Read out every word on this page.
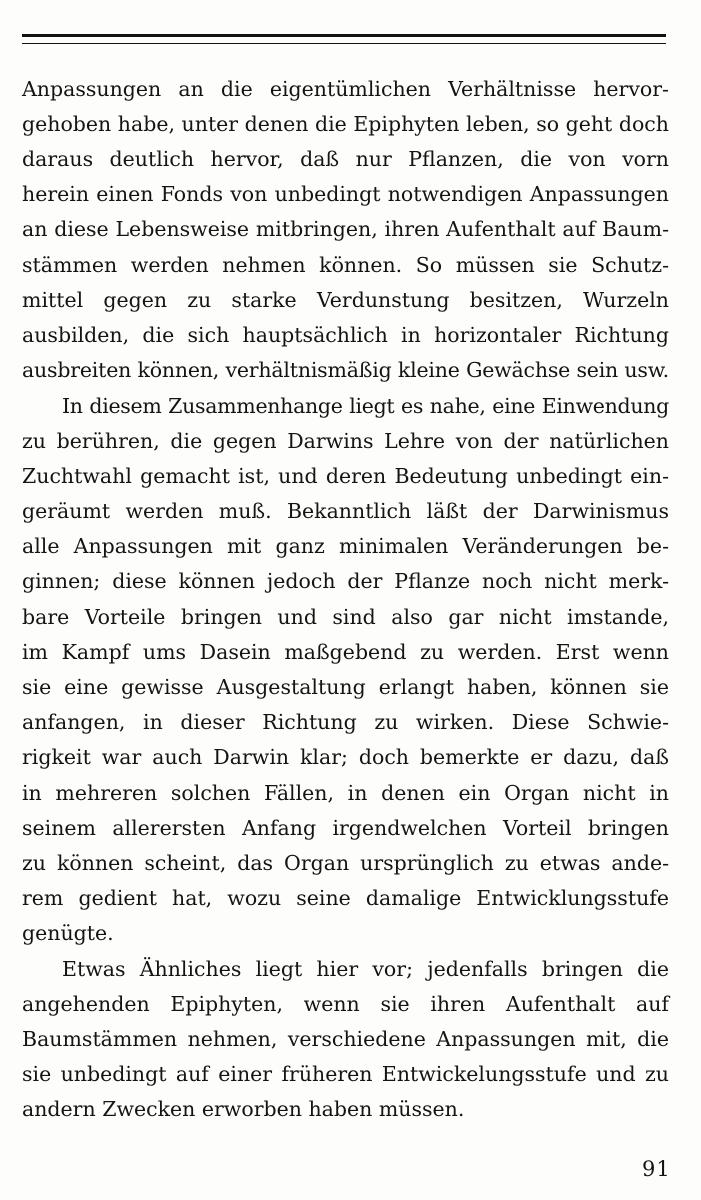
Anpassungen an die eigentümlichen Verhältnisse hervor-
gehoben habe, unter denen die Epiphyten leben, so geht doch
daraus deutlich hervor, daß nur Pflanzen, die von vorn
herein einen Fonds von unbedingt notwendigen Anpassungen
an diese Lebensweise mitbringen, ihren Aufenthalt auf Baum-
stämmen werden nehmen können. So müssen sie Schutz-
mittel gegen zu starke Verdunstung besitzen, Wurzeln
ausbilden, die sich hauptsächlich in horizontaler Richtung
ausbreiten können, verhältnismäßig kleine Gewächse sein usw.
In diesem Zusammenhange liegt es nahe, eine Einwendung
zu berühren, die gegen Darwins Lehre von der natürlichen
Zuchtwahl gemacht ist, und deren Bedeutung unbedingt ein-
geräumt werden muß. Bekanntlich läßt der Darwinismus
alle Anpassungen mit ganz minimalen Veränderungen be-
ginnen; diese können jedoch der Pflanze noch nicht merk-
bare Vorteile bringen und sind also gar nicht imstande,
im Kampf ums Dasein maßgebend zu werden. Erst wenn
sie eine gewisse Ausgestaltung erlangt haben, können sie
anfangen, in dieser Richtung zu wirken. Diese Schwie-
rigkeit war auch Darwin klar; doch bemerkte er dazu, daß
in mehreren solchen Fällen, in denen ein Organ nicht in
seinem allerersten Anfang irgendwelchen Vorteil bringen
zu können scheint, das Organ ursprünglich zu etwas ande-
rem gedient hat, wozu seine damalige Entwicklungsstufe
genügte.
Etwas Ähnliches liegt hier vor; jedenfalls bringen die
angehenden Epiphyten, wenn sie ihren Aufenthalt auf
Baumstämmen nehmen, verschiedene Anpassungen mit, die
sie unbedingt auf einer früheren Entwickelungsstufe und zu
andern Zwecken erworben haben müssen.
91
